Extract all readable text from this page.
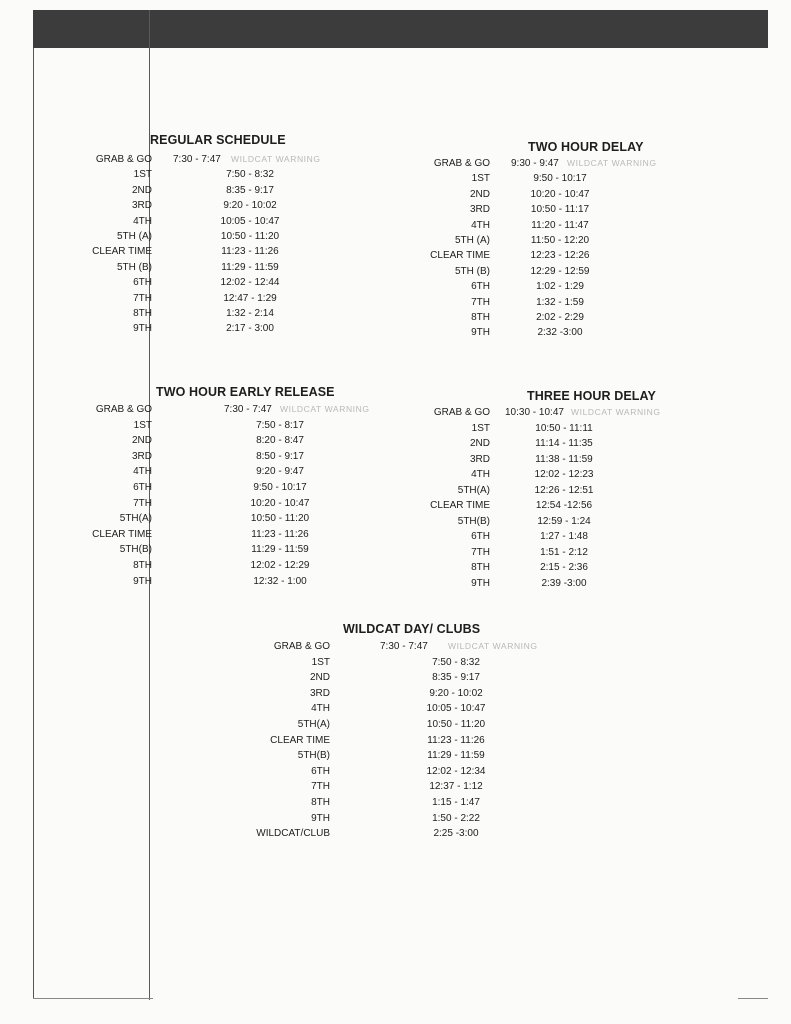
REGULAR SCHEDULE
GRAB & GO 7:30 - 7:47 WILDCAT WARNING
1ST	7:50 - 8:32
2ND	8:35 - 9:17
3RD	9:20 - 10:02
4TH	10:05 - 10:47
5TH (A)	10:50 - 11:20
CLEAR TIME	11:23 - 11:26
5TH (B)	11:29 - 11:59
6TH	12:02 - 12:44
7TH	12:47 - 1:29
8TH	1:32 - 2:14
9TH	2:17 - 3:00
TWO HOUR DELAY
GRAB & GO 9:30 - 9:47 WILDCAT WARNING
1ST	9:50 - 10:17
2ND	10:20 - 10:47
3RD	10:50 - 11:17
4TH	11:20 - 11:47
5TH (A)	11:50 - 12:20
CLEAR TIME	12:23 - 12:26
5TH (B)	12:29 - 12:59
6TH	1:02 - 1:29
7TH	1:32 - 1:59
8TH	2:02 - 2:29
9TH	2:32 -3:00
TWO HOUR EARLY RELEASE
GRAB & GO	7:30 - 7:47 WILDCAT WARNING
1ST	7:50 - 8:17
2ND	8:20 - 8:47
3RD	8:50 - 9:17
4TH	9:20 - 9:47
6TH	9:50 - 10:17
7TH	10:20 - 10:47
5TH(A)	10:50 - 11:20
CLEAR TIME	11:23 - 11:26
5TH(B)	11:29 - 11:59
8TH	12:02 - 12:29
9TH	12:32 - 1:00
THREE HOUR DELAY
GRAB & GO 10:30 - 10:47 WILDCAT WARNING
1ST	10:50 - 11:11
2ND	11:14 - 11:35
3RD	11:38 - 11:59
4TH	12:02 - 12:23
5TH(A)	12:26 - 12:51
CLEAR TIME	12:54 -12:56
5TH(B)	12:59 - 1:24
6TH	1:27 - 1:48
7TH	1:51 - 2:12
8TH	2:15 - 2:36
9TH	2:39 -3:00
WILDCAT DAY/ CLUBS
GRAB & GO	7:30 - 7:47 WILDCAT WARNING
1ST	7:50 - 8:32
2ND	8:35 - 9:17
3RD	9:20 - 10:02
4TH	10:05 - 10:47
5TH(A)	10:50 - 11:20
CLEAR TIME	11:23 - 11:26
5TH(B)	11:29 - 11:59
6TH	12:02 - 12:34
7TH	12:37 - 1:12
8TH	1:15 - 1:47
9TH	1:50 - 2:22
WILDCAT/CLUB	2:25 -3:00
